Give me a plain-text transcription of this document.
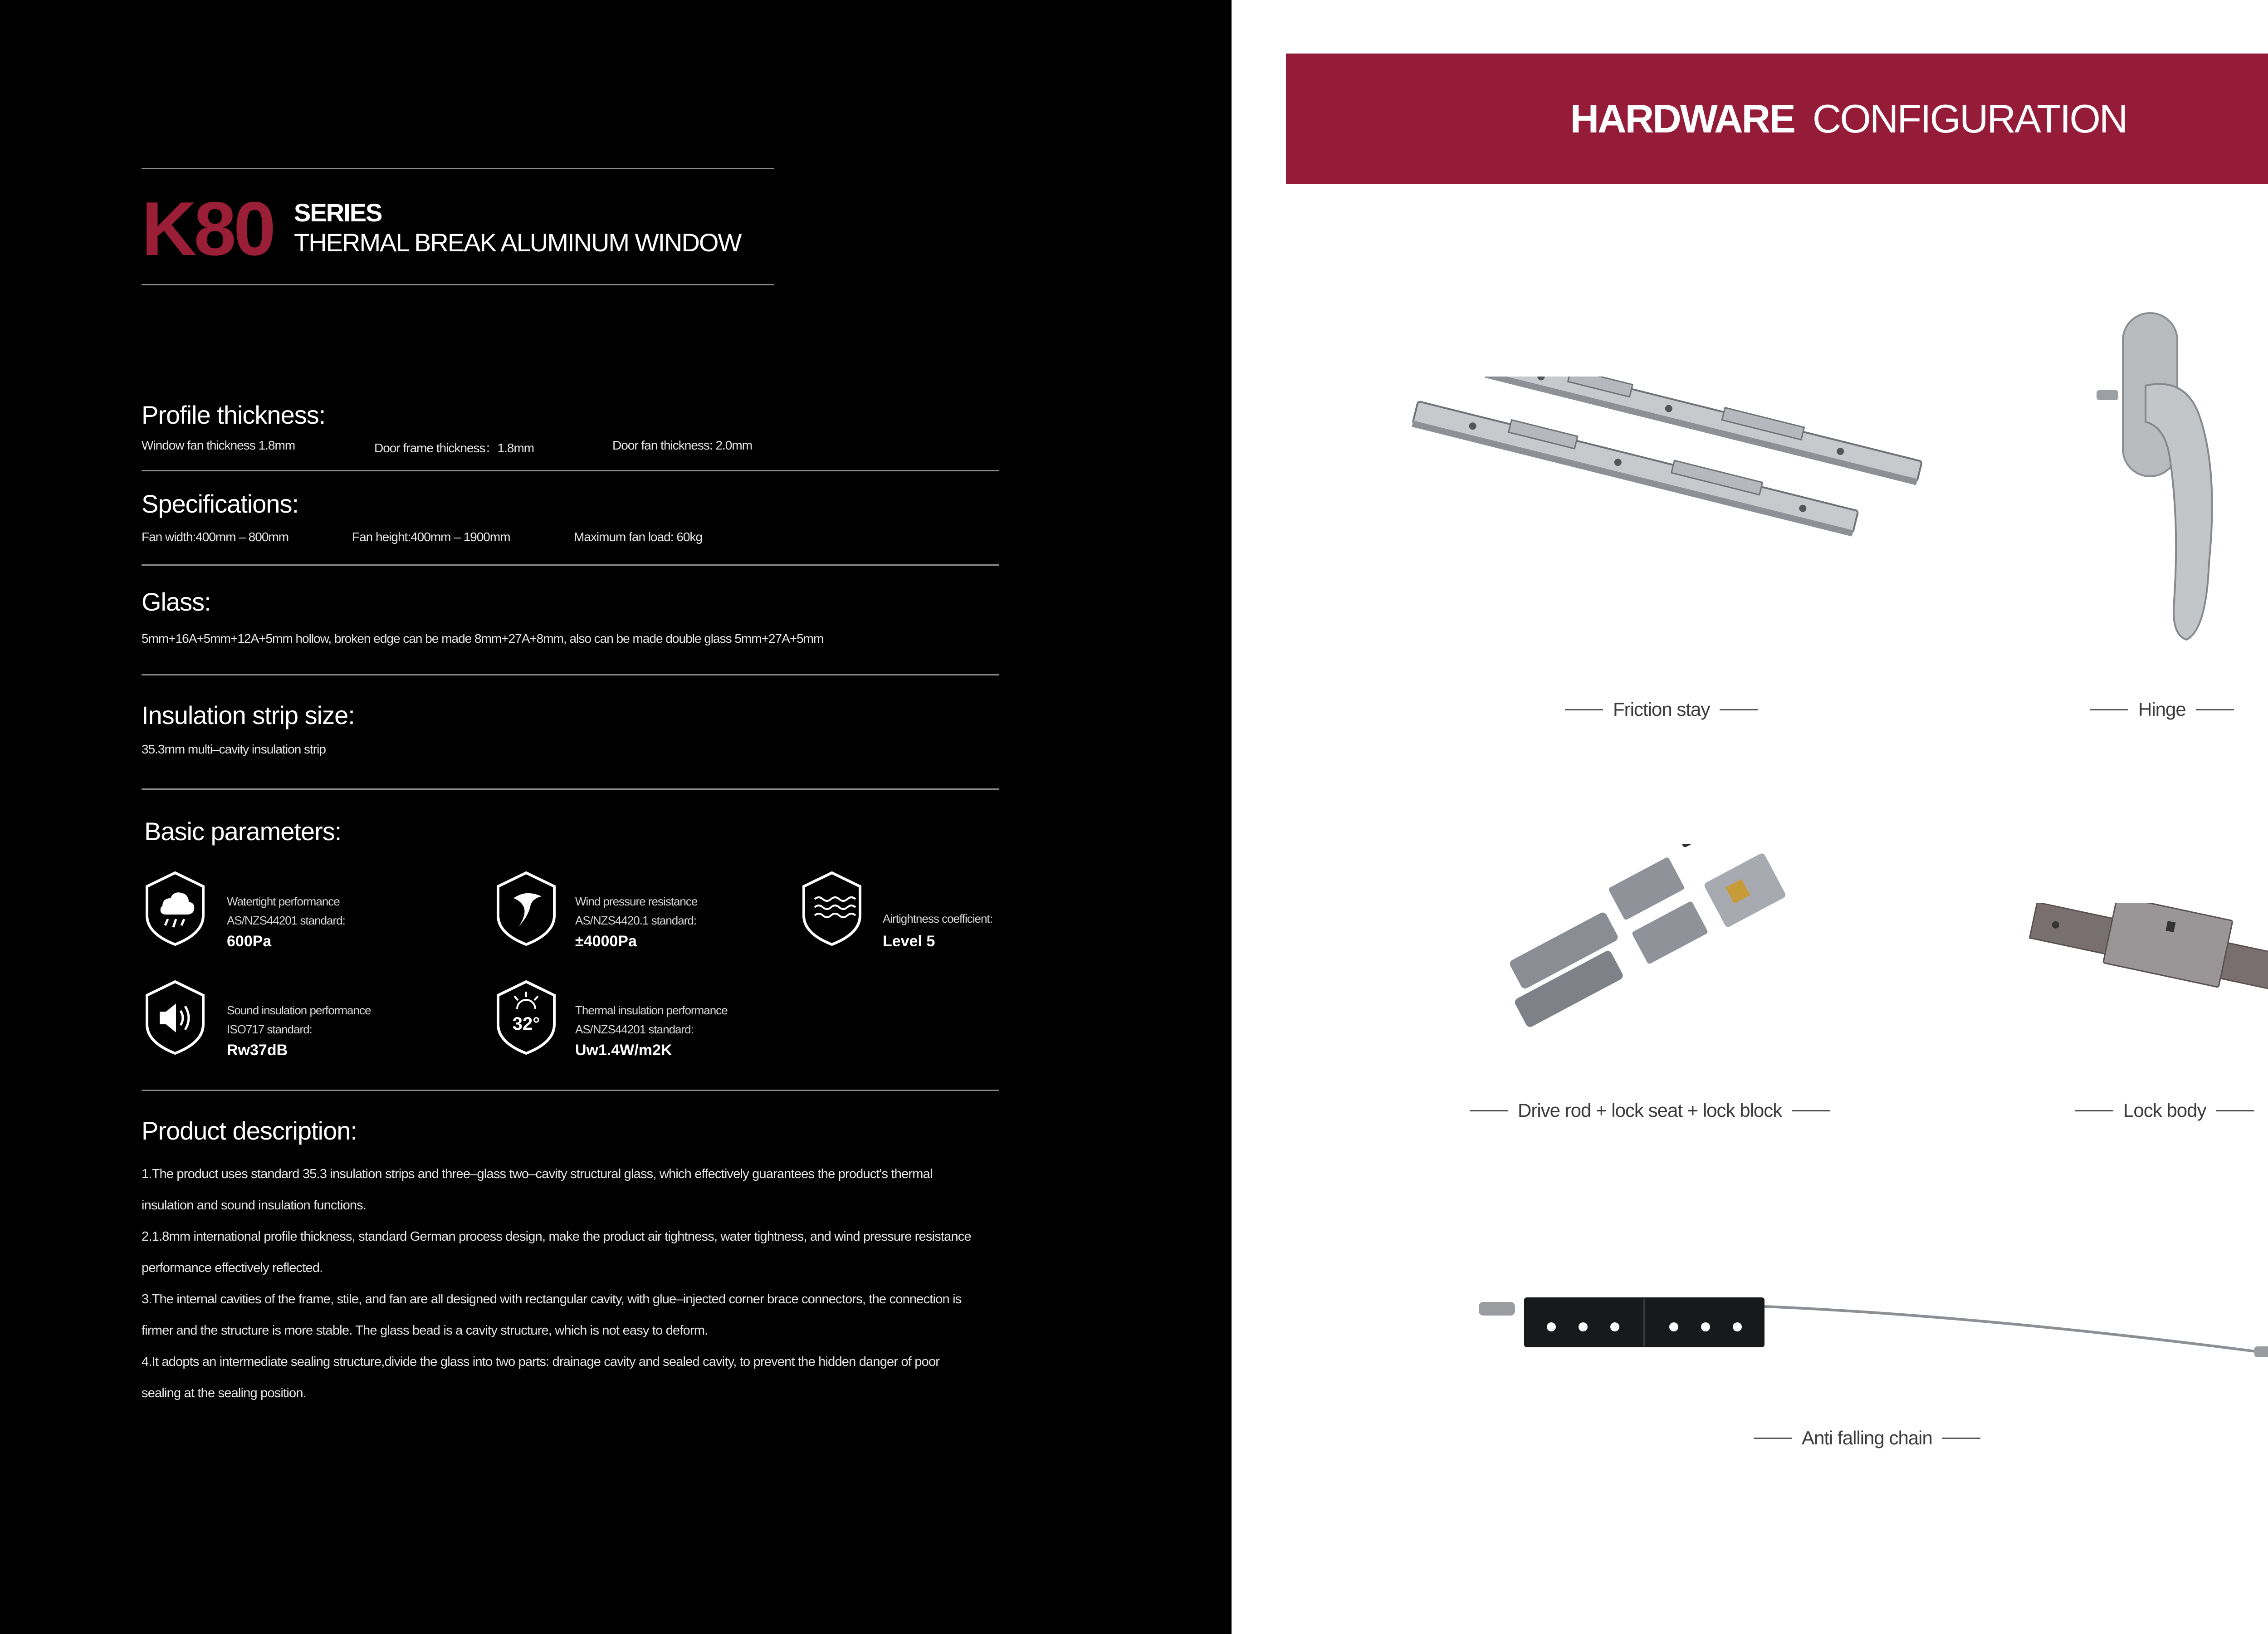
K80 SERIES
THERMAL BREAK ALUMINUM WINDOW
Profile thickness:
Window fan thickness 1.8mm	Door frame thickness：1.8mm	Door fan thickness: 2.0mm
Specifications:
Fan width:400mm – 800mm	Fan height:400mm – 1900mm	Maximum fan load: 60kg
Glass:
5mm+16A+5mm+12A+5mm hollow, broken edge can be made 8mm+27A+8mm, also can be made double glass 5mm+27A+5mm
Insulation strip size:
35.3mm multi–cavity insulation strip
Basic parameters:
Watertight performance
AS/NZS44201 standard:
600Pa
Wind pressure resistance
AS/NZS4420.1 standard:
±4000Pa
Airtightness coefficient:
Level 5
Sound insulation performance
ISO717 standard:
Rw37dB
32°
Thermal insulation performance
AS/NZS44201 standard:
Uw1.4W/m2K
Product description:
1.The product uses standard 35.3 insulation strips and three–glass two–cavity structural glass, which effectively guarantees the product's thermal
insulation and sound insulation functions.
2.1.8mm international profile thickness, standard German process design, make the product air tightness, water tightness, and wind pressure resistance
performance effectively reflected.
3.The internal cavities of the frame, stile, and fan are all designed with rectangular cavity, with glue–injected corner brace connectors, the connection is
firmer and the structure is more stable. The glass bead is a cavity structure, which is not easy to deform.
4.It adopts an intermediate sealing structure,divide the glass into two parts: drainage cavity and sealed cavity, to prevent the hidden danger of poor
sealing at the sealing position.
HARDWARE CONFIGURATION
Friction stay	Hinge
Drive rod + lock seat + lock block	Lock body
Anti falling chain
